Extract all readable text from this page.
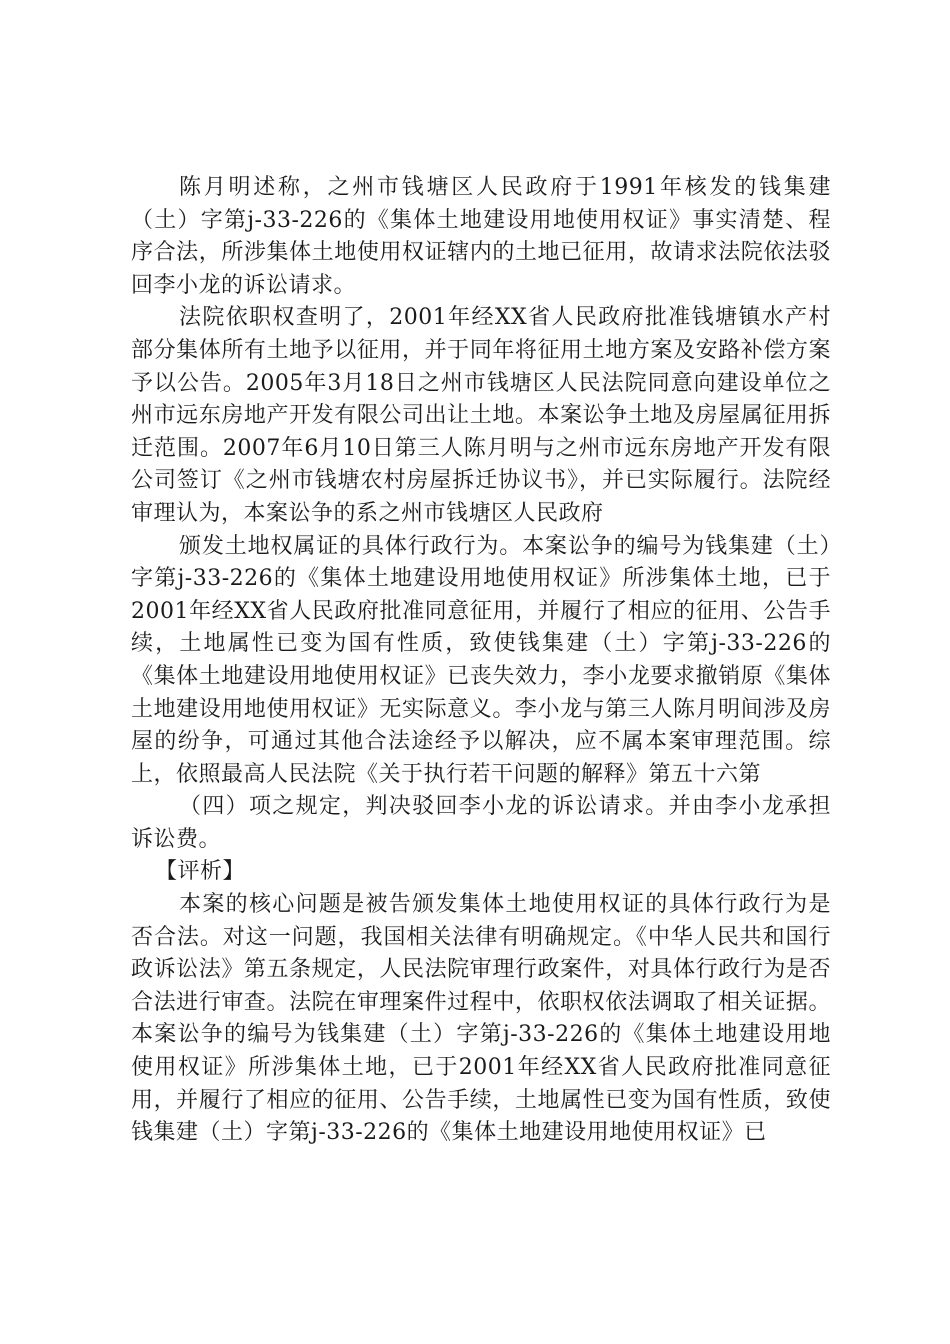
陈月明述称，之州市钱塘区人民政府于1991年核发的钱集建（土）字第j-33-226的《集体土地建设用地使用权证》事实清楚、程序合法，所涉集体土地使用权证辖内的土地已征用，故请求法院依法驳回李小龙的诉讼请求。

法院依职权查明了，2001年经XX省人民政府批准钱塘镇水产村部分集体所有土地予以征用，并于同年将征用土地方案及安路补偿方案予以公告。2005年3月18日之州市钱塘区人民法院同意向建设单位之州市远东房地产开发有限公司出让土地。本案讼争土地及房屋属征用拆迁范围。2007年6月10日第三人陈月明与之州市远东房地产开发有限公司签订《之州市钱塘农村房屋拆迁协议书》，并已实际履行。法院经审理认为，本案讼争的系之州市钱塘区人民政府

颁发土地权属证的具体行政行为。本案讼争的编号为钱集建（土）字第j-33-226的《集体土地建设用地使用权证》所涉集体土地，已于2001年经XX省人民政府批准同意征用，并履行了相应的征用、公告手续，土地属性已变为国有性质，致使钱集建（土）字第j-33-226的《集体土地建设用地使用权证》已丧失效力，李小龙要求撤销原《集体土地建设用地使用权证》无实际意义。李小龙与第三人陈月明间涉及房屋的纷争，可通过其他合法途经予以解决，应不属本案审理范围。综上，依照最高人民法院《关于执行若干问题的解释》第五十六第

（四）项之规定，判决驳回李小龙的诉讼请求。并由李小龙承担诉讼费。

【评析】

本案的核心问题是被告颁发集体土地使用权证的具体行政行为是否合法。对这一问题，我国相关法律有明确规定。《中华人民共和国行政诉讼法》第五条规定，人民法院审理行政案件，对具体行政行为是否合法进行审查。法院在审理案件过程中，依职权依法调取了相关证据。本案讼争的编号为钱集建（土）字第j-33-226的《集体土地建设用地使用权证》所涉集体土地，已于2001年经XX省人民政府批准同意征用，并履行了相应的征用、公告手续，土地属性已变为国有性质，致使钱集建（土）字第j-33-226的《集体土地建设用地使用权证》已
